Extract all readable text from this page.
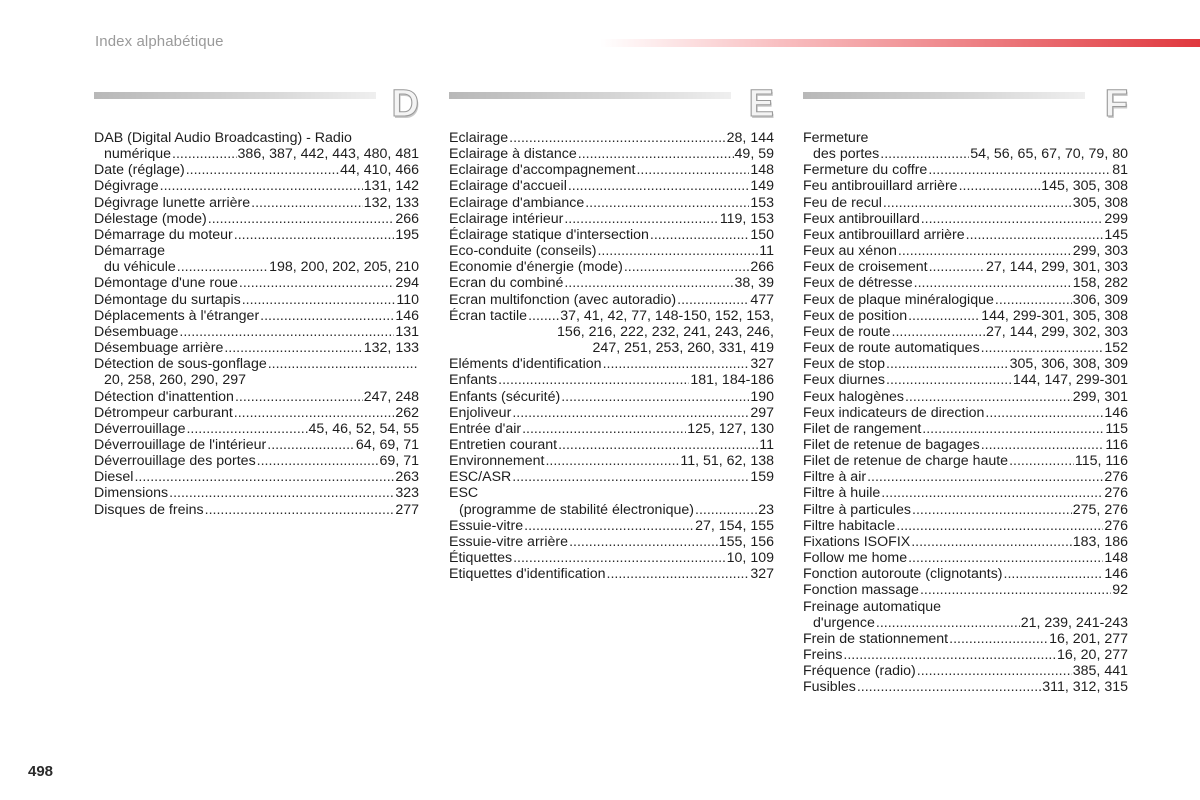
Index alphabétique
D
DAB (Digital Audio Broadcasting) - Radio
numérique .....	386, 387, 442, 443, 480, 481
Date (réglage) .....	44, 410, 466
Dégivrage .....	131, 142
Dégivrage lunette arrière .....	132, 133
Délestage (mode) .....	266
Démarrage du moteur .....	195
Démarrage
du véhicule .....	198, 200, 202, 205, 210
Démontage d'une roue .....	294
Démontage du surtapis .....	110
Déplacements à l'étranger .....	146
Désembuage .....	131
Désembuage arrière .....	132, 133
Détection de sous-gonflage
.....
20, 258, 260, 290, 297
Détection d'inattention .....	247, 248
Détrompeur carburant .....	262
Déverrouillage .....	45, 46, 52, 54, 55
Déverrouillage de l'intérieur .....	64, 69, 71
Déverrouillage des portes .....	69, 71
Diesel .....	263
Dimensions .....	323
Disques de freins .....	277
E
Eclairage .....	28, 144
Eclairage à distance .....	49, 59
Eclairage d'accompagnement .....	148
Eclairage d'accueil .....	149
Eclairage d'ambiance .....	153
Eclairage intérieur .....	119, 153
Éclairage statique d'intersection .....	150
Eco-conduite (conseils) .....	11
Economie d'énergie (mode) .....	266
Ecran du combiné .....	38, 39
Ecran multifonction (avec autoradio) .....	477
Écran tactile ..... 37, 41, 42, 77, 148-150, 152, 153,
156, 216, 222, 232, 241, 243, 246,
247, 251, 253, 260, 331, 419
Eléments d'identification .....	327
Enfants .....	181, 184-186
Enfants (sécurité) .....	190
Enjoliveur .....	297
Entrée d'air .....	125, 127, 130
Entretien courant .....	11
Environnement .....	11, 51, 62, 138
ESC/ASR .....	159
ESC
(programme de stabilité électronique) .....	23
Essuie-vitre .....	27, 154, 155
Essuie-vitre arrière .....	155, 156
Étiquettes .....	10, 109
Etiquettes d'identification .....	327
F
Fermeture
des portes .....	54, 56, 65, 67, 70, 79, 80
Fermeture du coffre .....	81
Feu antibrouillard arrière .....	145, 305, 308
Feu de recul .....	305, 308
Feux antibrouillard .....	299
Feux antibrouillard arrière .....	145
Feux au xénon .....	299, 303
Feux de croisement .....	27, 144, 299, 301, 303
Feux de détresse .....	158, 282
Feux de plaque minéralogique .....	306, 309
Feux de position .....	144, 299-301, 305, 308
Feux de route .....	27, 144, 299, 302, 303
Feux de route automatiques .....	152
Feux de stop .....	305, 306, 308, 309
Feux diurnes .....	144, 147, 299-301
Feux halogènes .....	299, 301
Feux indicateurs de direction .....	146
Filet de rangement .....	115
Filet de retenue de bagages .....	116
Filet de retenue de charge haute .....	115, 116
Filtre à air .....	276
Filtre à huile .....	276
Filtre à particules .....	275, 276
Filtre habitacle .....	276
Fixations ISOFIX .....	183, 186
Follow me home .....	148
Fonction autoroute (clignotants) .....	146
Fonction massage .....	92
Freinage automatique
d'urgence .....	21, 239, 241-243
Frein de stationnement .....	16, 201, 277
Freins .....	16, 20, 277
Fréquence (radio) .....	385, 441
Fusibles .....	311, 312, 315
498
